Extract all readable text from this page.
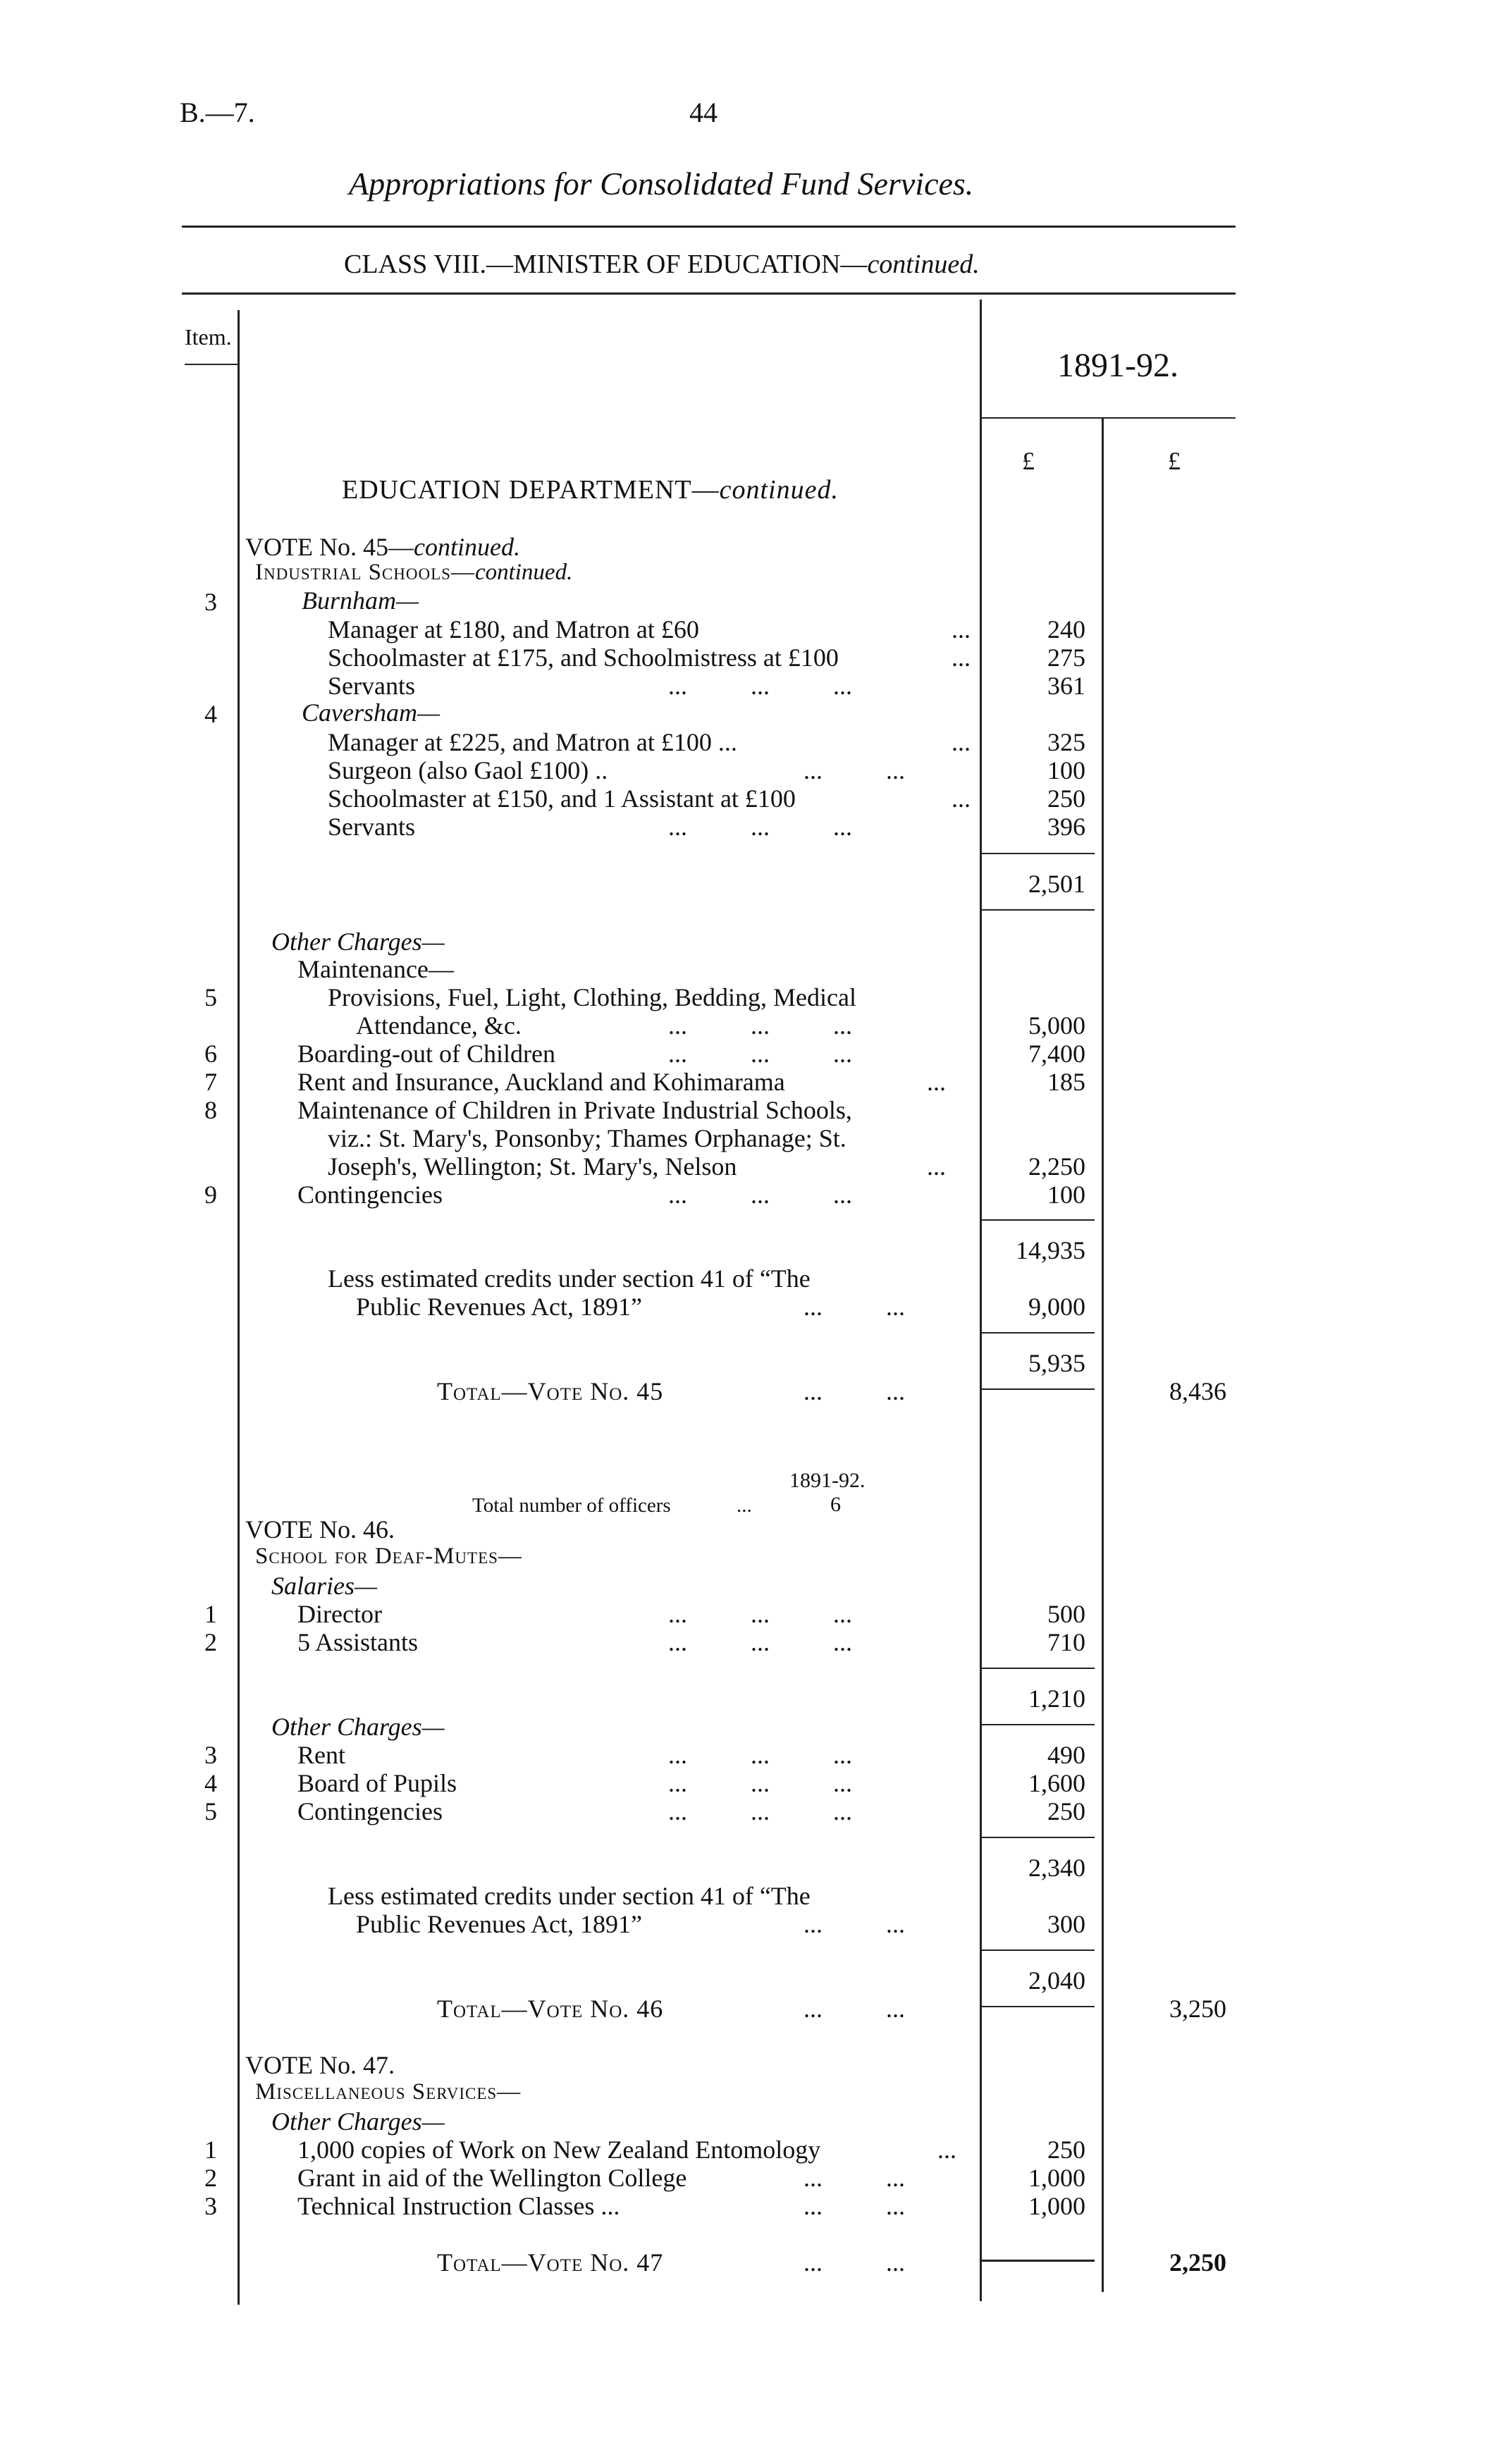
B.—7.	44
Appropriations for Consolidated Fund Services.
CLASS VIII.—MINISTER OF EDUCATION—continued.
Item.
1891-92.
£	£
EDUCATION DEPARTMENT—continued.
VOTE No. 45—continued.
Industrial Schools—continued.
3	Burnham—
Manager at £180, and Matron at £60	...	240
Schoolmaster at £175, and Schoolmistress at £100	...	275
Servants	...          ...          ...	361
4	Caversham—
Manager at £225, and Matron at £100 ...	...	325
Surgeon (also Gaol £100) ..	...          ...	100
Schoolmaster at £150, and 1 Assistant at £100	...	250
Servants	...          ...          ...	396
2,501
Other Charges—
Maintenance—
5	Provisions, Fuel, Light, Clothing, Bedding, Medical
Attendance, &c.	...          ...          ...	5,000
6	Boarding-out of Children	...          ...          ...	7,400
7	Rent and Insurance, Auckland and Kohimarama	...	185
8	Maintenance of Children in Private Industrial Schools,
viz.: St. Mary's, Ponsonby; Thames Orphanage; St.
Joseph's, Wellington; St. Mary's, Nelson	...	2,250
9	Contingencies	...          ...          ...	100
14,935
Less estimated credits under section 41 of “The
Public Revenues Act, 1891”	...          ...	9,000
5,935
Total—Vote No. 45	...          ...	8,436
1891-92.
Total number of officers	...	6
VOTE No. 46.
School for Deaf-Mutes—
Salaries—
1	Director	...          ...          ...	500
2	5 Assistants	...          ...          ...	710
1,210
Other Charges—
3	Rent	...          ...          ...	490
4	Board of Pupils	...          ...          ...	1,600
5	Contingencies	...          ...          ...	250
2,340
Less estimated credits under section 41 of “The
Public Revenues Act, 1891”	...          ...	300
2,040
Total—Vote No. 46	...          ...	3,250
VOTE No. 47.
Miscellaneous Services—
Other Charges—
1	1,000 copies of Work on New Zealand Entomology	...	250
2	Grant in aid of the Wellington College	...          ...	1,000
3	Technical Instruction Classes ...	...          ...	1,000
Total—Vote No. 47	...          ...	2,250
